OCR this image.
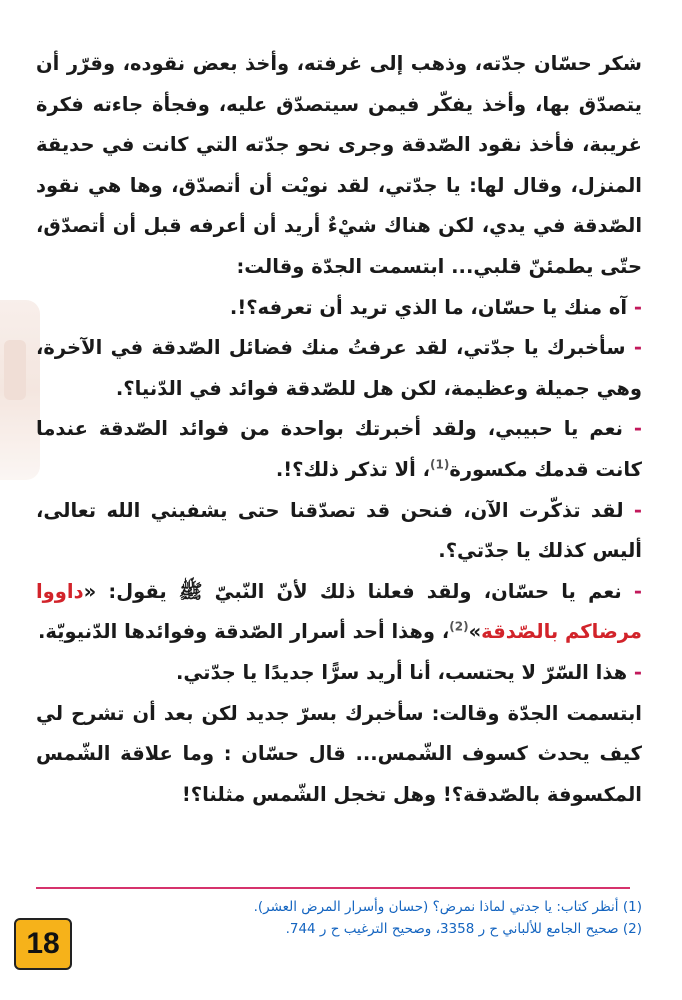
شكر حسّان جدّته، وذهب إلى غرفته، وأخذ بعض نقوده، وقرّر أن يتصدّق بها، وأخذ يفكّر فيمن سيتصدّق عليه، وفجأة جاءته فكرة غريبة، فأخذ نقود الصّدقة وجرى نحو جدّته التي كانت في حديقة المنزل، وقال لها: يا جدّتي، لقد نويْت أن أتصدّق، وها هي نقود الصّدقة في يدي، لكن هناك شيْءٌ أريد أن أعرفه قبل أن أتصدّق، حتّى يطمئنّ قلبي... ابتسمت الجدّة وقالت:

- آه منك يا حسّان، ما الذي تريد أن تعرفه؟!.

- سأخبرك يا جدّتي، لقد عرفتُ منك فضائل الصّدقة في الآخرة، وهي جميلة وعظيمة، لكن هل للصّدقة فوائد في الدّنيا؟.

- نعم يا حبيبي، ولقد أخبرتك بواحدة من فوائد الصّدقة عندما كانت قدمك مكسورة$^{(1)}$، ألا تذكر ذلك؟!.

- لقد تذكّرت الآن، فنحن قد تصدّقنا حتى يشفيني الله تعالى، أليس كذلك يا جدّتي؟.

- نعم يا حسّان، ولقد فعلنا ذلك لأنّ النّبيّ ﷺ يقول: «داووا مرضاكم بالصّدقة»$^{(2)}$، وهذا أحد أسرار الصّدقة وفوائدها الدّنيويّة.

- هذا السّرّ لا يحتسب، أنا أريد سرًّا جديدًا يا جدّتي.

ابتسمت الجدّة وقالت: سأخبرك بسرّ جديد لكن بعد أن تشرح لي كيف يحدث كسوف الشّمس... قال حسّان : وما علاقة الشّمس المكسوفة بالصّدقة؟! وهل تخجل الشّمس مثلنا؟!

(1) أنظر كتاب: يا جدتي لماذا نمرض؟ (حسان وأسرار المرض العشر).

(2) صحيح الجامع للألباني ح ر 3358، وصحيح الترغيب ح ر 744.

18
